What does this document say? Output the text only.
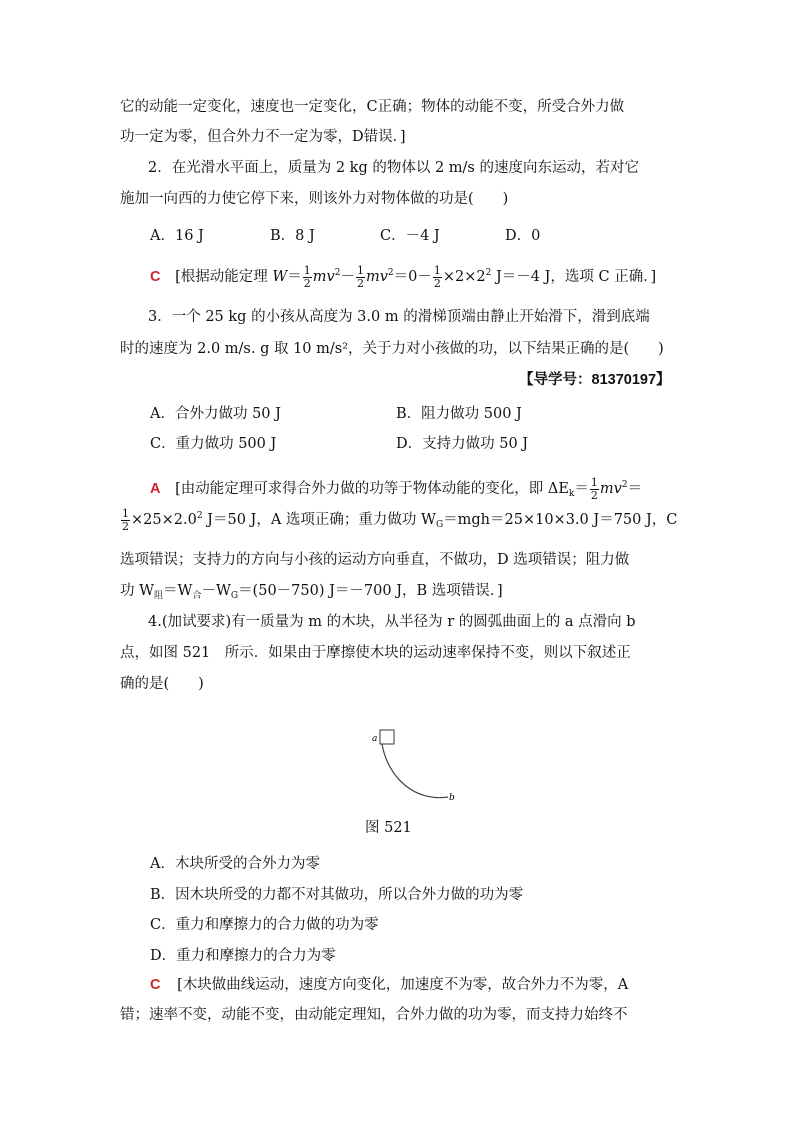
它的动能一定变化，速度也一定变化，C正确；物体的动能不变，所受合外力做
功一定为零，但合外力不一定为零，D错误．]
2．在光滑水平面上，质量为 2 kg 的物体以 2 m/s 的速度向东运动，若对它
施加一向西的力使它停下来，则该外力对物体做的功是(　　)
A．16 J	B．8 J	C．－4 J	D．0
C [根据动能定理 $W= \frac{1}{2} mv^2- \frac{1}{2} mv^2=0- \frac{1}{2} \times 2\times 2^2$ J＝－4 J，选项 C 正确．]
3．一个 25 kg 的小孩从高度为 3.0 m 的滑梯顶端由静止开始滑下，滑到底端
时的速度为 2.0 m/s. g 取 10 m/s²，关于力对小孩做的功，以下结果正确的是(　　)
【导学号：81370197】
A．合外力做功 50 J	B．阻力做功 500 J
C．重力做功 500 J	D．支持力做功 50 J
A [由动能定理可求得合外力做的功等于物体动能的变化，即 $\Delta E_k= \frac{1}{2} mv^2=$
$\frac{1}{2} \times 25\times 2.0^2$ J＝50 J，A 选项正确；重力做功 $W_G=mgh=25\times 10\times 3.0$ J＝750 J，C
选项错误；支持力的方向与小孩的运动方向垂直，不做功，D 选项错误；阻力做
功 $W_阻=W_合-W_G=(50-750)$ J＝－700 J，B 选项错误．]
4.(加试要求)有一质量为 m 的木块，从半径为 r 的圆弧曲面上的 a 点滑向 b
点，如图 521　所示．如果由于摩擦使木块的运动速率保持不变，则以下叙述正
确的是(　　)
a
b
图 521
A．木块所受的合外力为零
B．因木块所受的力都不对其做功，所以合外力做的功为零
C．重力和摩擦力的合力做的功为零
D．重力和摩擦力的合力为零
C [木块做曲线运动，速度方向变化，加速度不为零，故合外力不为零，A
错；速率不变，动能不变，由动能定理知，合外力做的功为零，而支持力始终不
